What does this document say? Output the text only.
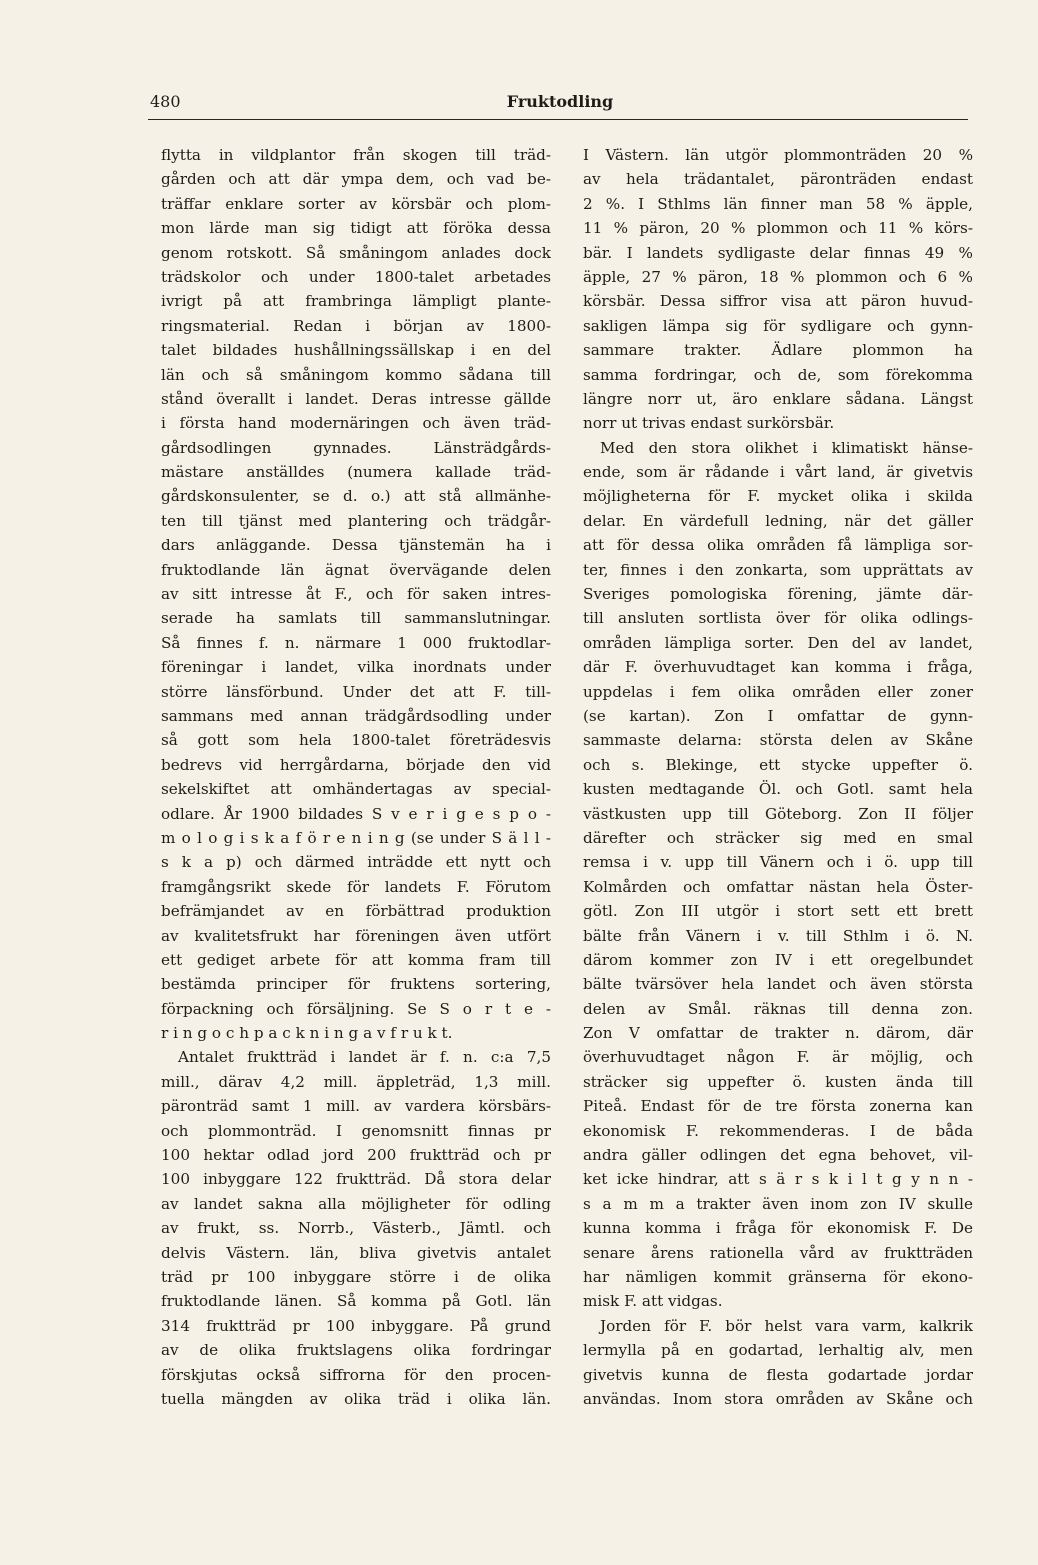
480	Fruktodling
flytta in vildplantor från skogen till träd-
gården och att där ympa dem, och vad be-
träffar enklare sorter av körsbär och plom-
mon lärde man sig tidigt att föröka dessa
genom rotskott. Så småningom anlades dock
trädskolor och under 1800-talet arbetades
ivrigt på att frambringa lämpligt plante-
ringsmaterial. Redan i början av 1800-
talet bildades hushållningssällskap i en del
län och så småningom kommo sådana till
stånd överallt i landet. Deras intresse gällde
i första hand modernäringen och även träd-
gårdsodlingen gynnades. Länsträdgårds-
mästare anställdes (numera kallade träd-
gårdskonsulenter, se d. o.) att stå allmänhe-
ten till tjänst med plantering och trädgår-
dars anläggande. Dessa tjänstemän ha i
fruktodlande län ägnat övervägande delen
av sitt intresse åt F., och för saken intres-
serade ha samlats till sammanslutningar.
Så finnes f. n. närmare 1 000 fruktodlar-
föreningar i landet, vilka inordnats under
större länsförbund. Under det att F. till-
sammans med annan trädgårdsodling under
så gott som hela 1800-talet företrädesvis
bedrevs vid herrgårdarna, började den vid
sekelskiftet att omhändertagas av special-
odlare. År 1900 bildades S v e r i g e s p o -
m o l o g i s k a f ö r e n i n g (se under S ä l l -
s k a p) och därmed inträdde ett nytt och
framgångsrikt skede för landets F. Förutom
befrämjandet av en förbättrad produktion
av kvalitetsfrukt har föreningen även utfört
ett gediget arbete för att komma fram till
bestämda principer för fruktens sortering,
förpackning och försäljning. Se S o r t e -
r i n g o c h p a c k n i n g a v f r u k t.
Antalet fruktträd i landet är f. n. c:a 7,5
mill., därav 4,2 mill. äppleträd, 1,3 mill.
päronträd samt 1 mill. av vardera körsbärs-
och plommonträd. I genomsnitt finnas pr
100 hektar odlad jord 200 fruktträd och pr
100 inbyggare 122 fruktträd. Då stora delar
av landet sakna alla möjligheter för odling
av frukt, ss. Norrb., Västerb., Jämtl. och
delvis Västern. län, bliva givetvis antalet
träd pr 100 inbyggare större i de olika
fruktodlande länen. Så komma på Gotl. län
314 fruktträd pr 100 inbyggare. På grund
av de olika fruktslagens olika fordringar
förskjutas också siffrorna för den procen-
tuella mängden av olika träd i olika län.
I Västern. län utgör plommonträden 20 %
av hela trädantalet, päronträden endast
2 %. I Sthlms län finner man 58 % äpple,
11 % päron, 20 % plommon och 11 % körs-
bär. I landets sydligaste delar finnas 49 %
äpple, 27 % päron, 18 % plommon och 6 %
körsbär. Dessa siffror visa att päron huvud-
sakligen lämpa sig för sydligare och gynn-
sammare trakter. Ädlare plommon ha
samma fordringar, och de, som förekomma
längre norr ut, äro enklare sådana. Längst
norr ut trivas endast surkörsbär.
Med den stora olikhet i klimatiskt hänse-
ende, som är rådande i vårt land, är givetvis
möjligheterna för F. mycket olika i skilda
delar. En värdefull ledning, när det gäller
att för dessa olika områden få lämpliga sor-
ter, finnes i den zonkarta, som upprättats av
Sveriges pomologiska förening, jämte där-
till ansluten sortlista över för olika odlings-
områden lämpliga sorter. Den del av landet,
där F. överhuvudtaget kan komma i fråga,
uppdelas i fem olika områden eller zoner
(se kartan). Zon I omfattar de gynn-
sammaste delarna: största delen av Skåne
och s. Blekinge, ett stycke uppefter ö.
kusten medtagande Öl. och Gotl. samt hela
västkusten upp till Göteborg. Zon II följer
därefter och sträcker sig med en smal
remsa i v. upp till Vänern och i ö. upp till
Kolmården och omfattar nästan hela Öster-
götl. Zon III utgör i stort sett ett brett
bälte från Vänern i v. till Sthlm i ö. N.
därom kommer zon IV i ett oregelbundet
bälte tvärsöver hela landet och även största
delen av Smål. räknas till denna zon.
Zon V omfattar de trakter n. därom, där
överhuvudtaget någon F. är möjlig, och
sträcker sig uppefter ö. kusten ända till
Piteå. Endast för de tre första zonerna kan
ekonomisk F. rekommenderas. I de båda
andra gäller odlingen det egna behovet, vil-
ket icke hindrar, att s ä r s k i l t g y n n -
s a m m a trakter även inom zon IV skulle
kunna komma i fråga för ekonomisk F. De
senare årens rationella vård av fruktträden
har nämligen kommit gränserna för ekono-
misk F. att vidgas.
Jorden för F. bör helst vara varm, kalkrik
lermylla på en godartad, lerhaltig alv, men
givetvis kunna de flesta godartade jordar
användas. Inom stora områden av Skåne och
